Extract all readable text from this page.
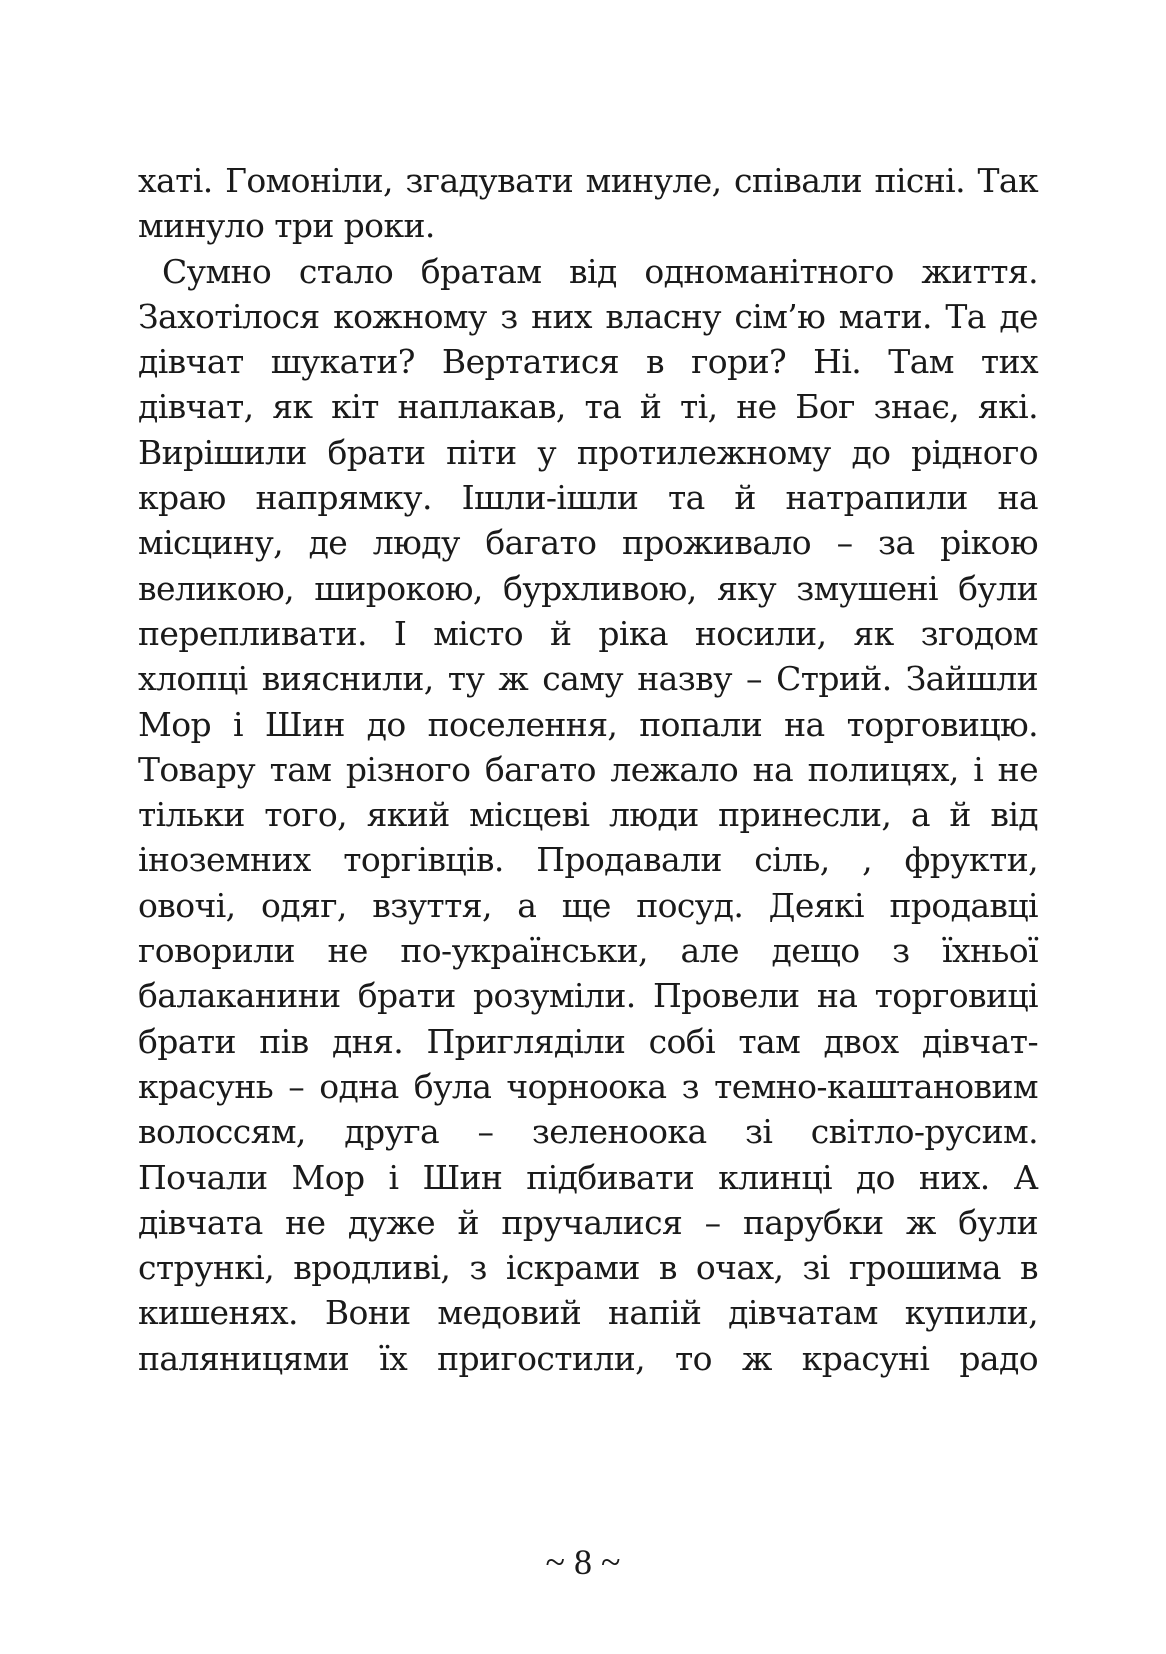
хаті. Гомоніли, згадувати минуле, співали пісні. Так
минуло три роки.
Сумно стало братам від одноманітного життя.
Захотілося кожному з них власну сім’ю мати. Та де
дівчат шукати? Вертатися в гори? Ні. Там тих
дівчат, як кіт наплакав, та й ті, не Бог знає, які.
Вирішили брати піти у протилежному до рідного
краю напрямку. Ішли-ішли та й натрапили на
місцину, де люду багато проживало – за рікою
великою, широкою, бурхливою, яку змушені були
перепливати. І місто й ріка носили, як згодом
хлопці вияснили, ту ж саму назву – Стрий. Зайшли
Мор і Шин до поселення, попали на торговицю.
Товару там різного багато лежало на полицях, і не
тільки того, який місцеві люди принесли, а й від
іноземних торгівців. Продавали сіль, , фрукти,
овочі, одяг, взуття, а ще посуд. Деякі продавці
говорили не по-українськи, але дещо з їхньої
балаканини брати розуміли. Провели на торговиці
брати пів дня. Пригляділи собі там двох дівчат-
красунь – одна була чорноока з темно-каштановим
волоссям, друга – зеленоока зі світло-русим.
Почали Мор і Шин підбивати клинці до них. А
дівчата не дуже й пручалися – парубки ж були
стрункі, вродливі, з іскрами в очах, зі грошима в
кишенях. Вони медовий напій дівчатам купили,
паляницями їх пригостили, то ж красуні радо
~ 8 ~
